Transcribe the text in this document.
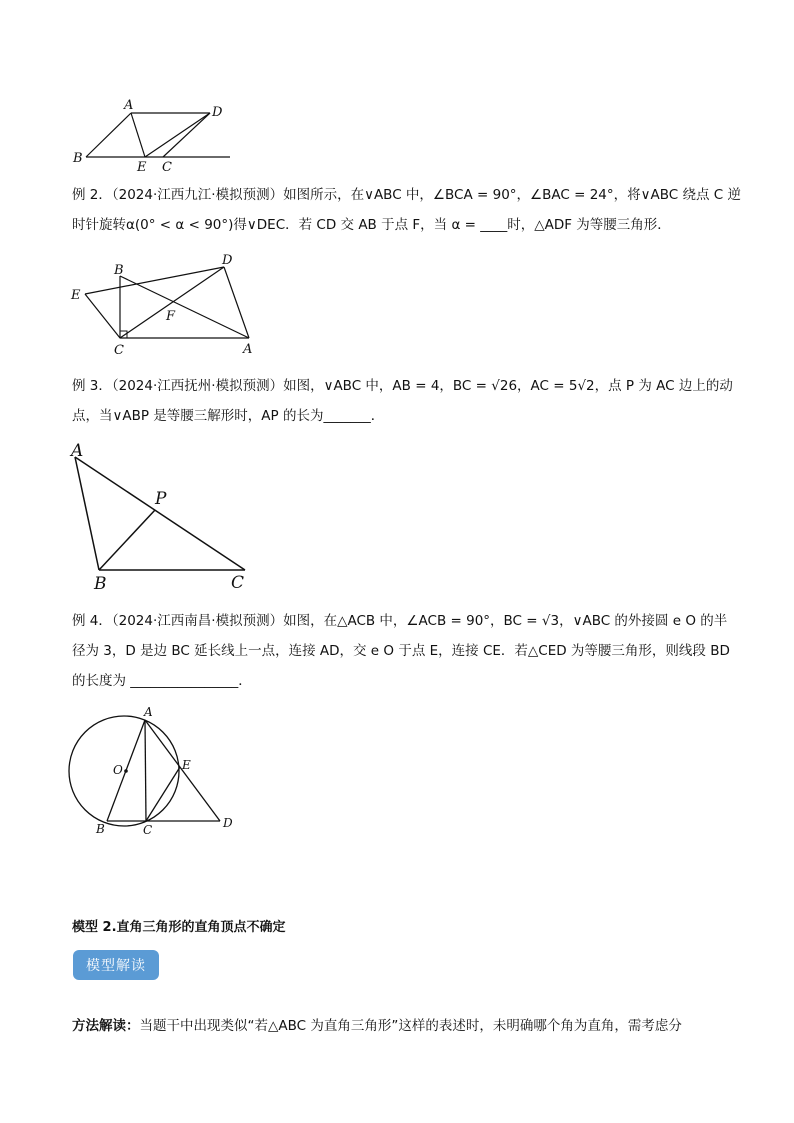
A	D
B
E C

例 2．（2024·江西九江·模拟预测）如图所示，在∨ABC 中，∠BCA = 90°，∠BAC = 24°，将∨ABC 绕点 C 逆

时针旋转α(0° < α < 90°)得∨DEC．若 CD 交 AB 于点 F，当 α = ____时，△ADF 为等腰三角形．

B
D
E
F
C	A

例 3．（2024·江西抚州·模拟预测）如图，∨ABC 中，AB = 4，BC = √26，AC = 5√2，点 P 为 AC 边上的动

点，当∨ABP 是等腰三解形时，AP 的长为_______．

A
P
B	C

例 4．（2024·江西南昌·模拟预测）如图，在△ACB 中，∠ACB = 90°，BC = √3，∨ABC 的外接圆 e O 的半

径为 3，D 是边 BC 延长线上一点，连接 AD，交 e O 于点 E，连接 CE．若△CED 为等腰三角形，则线段 BD

的长度为 ________________．

A
O	E
B	C	D
模型 2.直角三角形的直角顶点不确定
模型解读
方法解读：当题干中出现类似“若△ABC 为直角三角形”这样的表述时，未明确哪个角为直角，需考虑分
